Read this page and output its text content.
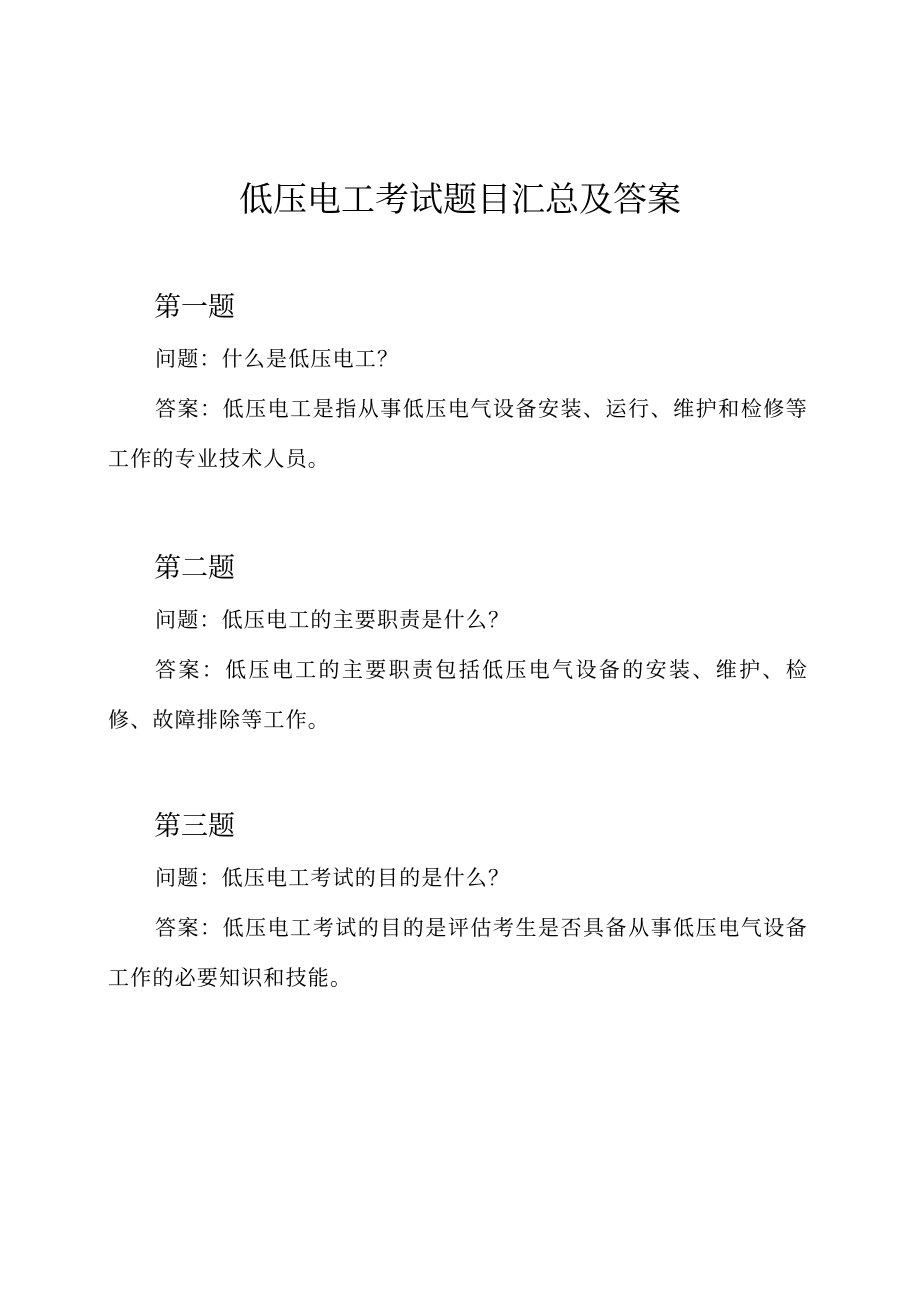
低压电工考试题目汇总及答案
第一题

问题：什么是低压电工？

答案：低压电工是指从事低压电气设备安装、运行、维护和检修等工作的专业技术人员。

第二题

问题：低压电工的主要职责是什么？

答案：低压电工的主要职责包括低压电气设备的安装、维护、检修、故障排除等工作。

第三题

问题：低压电工考试的目的是什么？

答案：低压电工考试的目的是评估考生是否具备从事低压电气设备工作的必要知识和技能。
